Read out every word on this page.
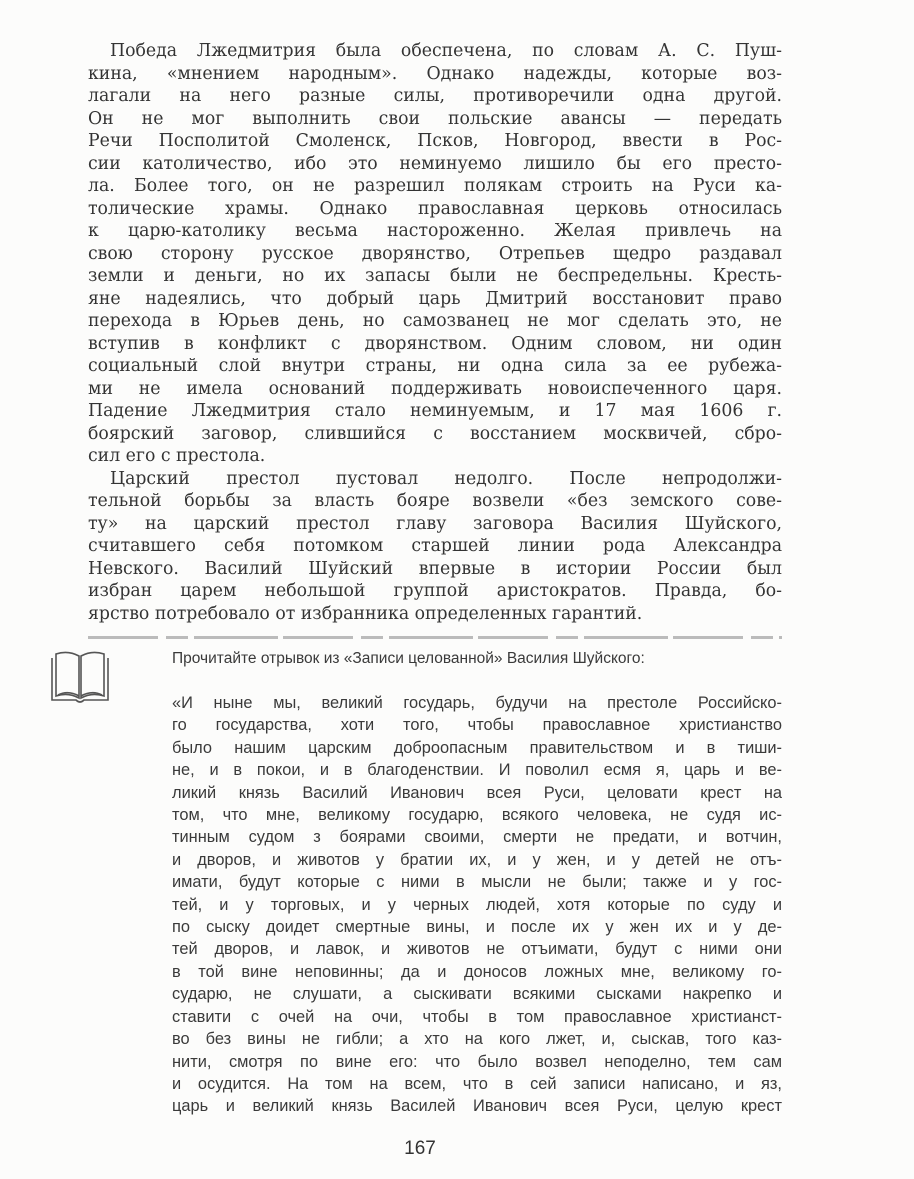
Победа Лжедмитрия была обеспечена, по словам А. С. Пуш-
кина, «мнением народным». Однако надежды, которые воз-
лагали на него разные силы, противоречили одна другой.
Он не мог выполнить свои польские авансы — передать
Речи Посполитой Смоленск, Псков, Новгород, ввести в Рос-
сии католичество, ибо это неминуемо лишило бы его престо-
ла. Более того, он не разрешил полякам строить на Руси ка-
толические храмы. Однако православная церковь относилась
к царю-католику весьма настороженно. Желая привлечь на
свою сторону русское дворянство, Отрепьев щедро раздавал
земли и деньги, но их запасы были не беспредельны. Кресть-
яне надеялись, что добрый царь Дмитрий восстановит право
перехода в Юрьев день, но самозванец не мог сделать это, не
вступив в конфликт с дворянством. Одним словом, ни один
социальный слой внутри страны, ни одна сила за ее рубежа-
ми не имела оснований поддерживать новоиспеченного царя.
Падение Лжедмитрия стало неминуемым, и 17 мая 1606 г.
боярский заговор, слившийся с восстанием москвичей, сбро-
сил его с престола.
Царский престол пустовал недолго. После непродолжи-
тельной борьбы за власть бояре возвели «без земского сове-
ту» на царский престол главу заговора Василия Шуйского,
считавшего себя потомком старшей линии рода Александра
Невского. Василий Шуйский впервые в истории России был
избран царем небольшой группой аристократов. Правда, бо-
ярство потребовало от избранника определенных гарантий.
Прочитайте отрывок из «Записи целованной» Василия Шуйского:
«И ныне мы, великий государь, будучи на престоле Российско-
го государства, хоти того, чтобы православное христианство
было нашим царским доброопасным правительством и в тиши-
не, и в покои, и в благоденствии. И поволил есмя я, царь и ве-
ликий князь Василий Иванович всея Руси, целовати крест на
том, что мне, великому государю, всякого человека, не судя ис-
тинным судом з боярами своими, смерти не предати, и вотчин,
и дворов, и животов у братии их, и у жен, и у детей не отъ-
имати, будут которые с ними в мысли не были; также и у гос-
тей, и у торговых, и у черных людей, хотя которые по суду и
по сыску доидет смертные вины, и после их у жен их и у де-
тей дворов, и лавок, и животов не отъимати, будут с ними они
в той вине неповинны; да и доносов ложных мне, великому го-
сударю, не слушати, а сыскивати всякими сысками накрепко и
ставити с очей на очи, чтобы в том православное христианст-
во без вины не гибли; а хто на кого лжет, и, сыскав, того каз-
нити, смотря по вине его: что было возвел неподелно, тем сам
и осудится. На том на всем, что в сей записи написано, и яз,
царь и великий князь Василей Иванович всея Руси, целую крест
167
